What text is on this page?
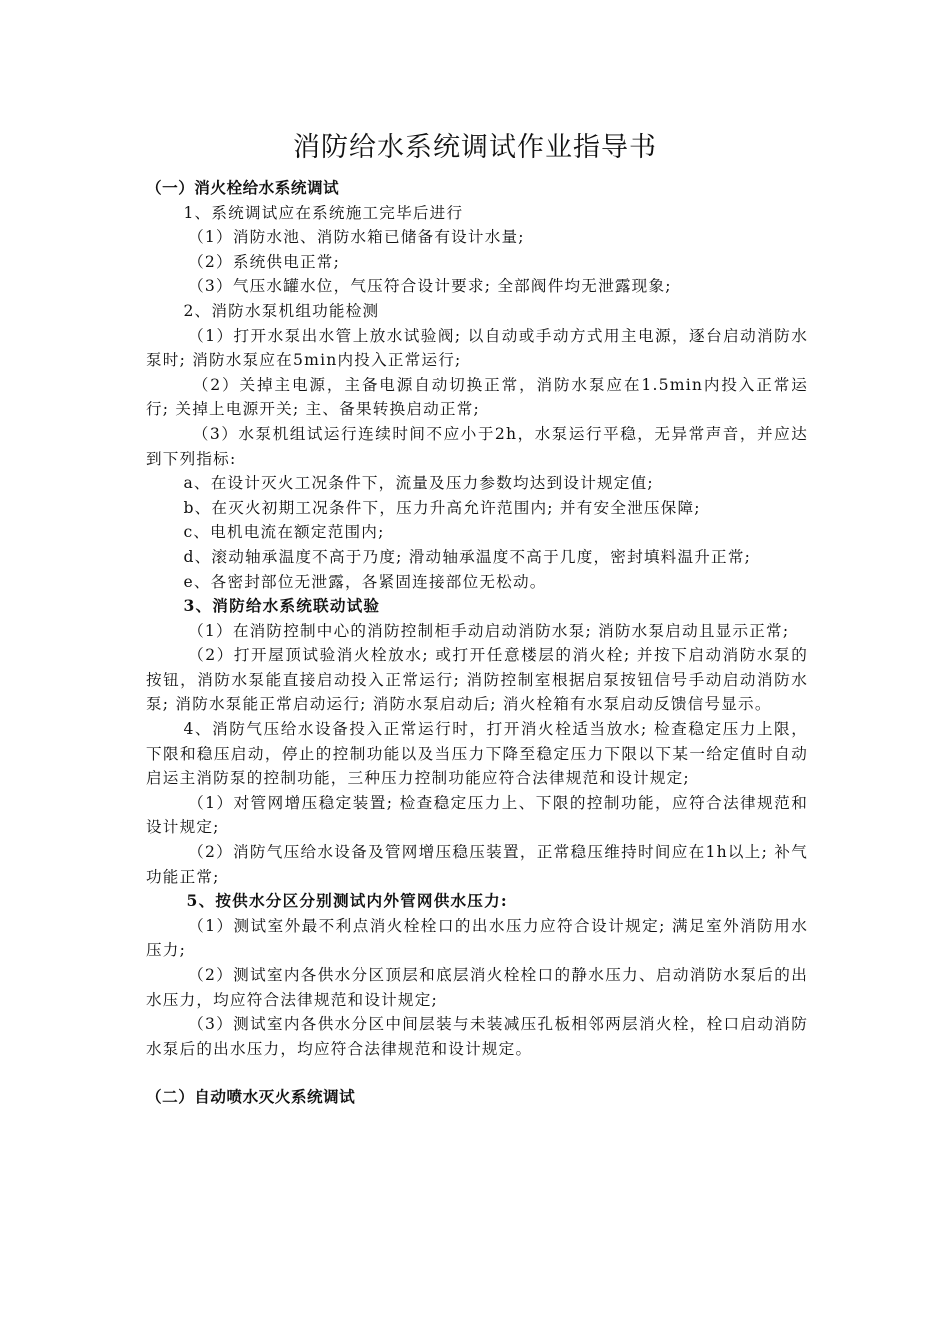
消防给水系统调试作业指导书

（一）消火栓给水系统调试

1、系统调试应在系统施工完毕后进行

（1）消防水池、消防水箱已储备有设计水量;

（2）系统供电正常;

（3）气压水罐水位，气压符合设计要求; 全部阀件均无泄露现象;

2、消防水泵机组功能检测

（1）打开水泵出水管上放水试验阀; 以自动或手动方式用主电源，逐台启动消防水泵时; 消防水泵应在5min内投入正常运行;

（2）关掉主电源，主备电源自动切换正常，消防水泵应在1.5min内投入正常运行; 关掉上电源开关; 主、备果转换启动正常;

（3）水泵机组试运行连续时间不应小于2h，水泵运行平稳，无异常声音，并应达到下列指标:

a、在设计灭火工况条件下，流量及压力参数均达到设计规定值;

b、在灭火初期工况条件下，压力升高允许范围内; 并有安全泄压保障;

c、电机电流在额定范围内;

d、滚动轴承温度不高于乃度; 滑动轴承温度不高于几度，密封填料温升正常;

e、各密封部位无泄露，各紧固连接部位无松动。

3、消防给水系统联动试验

（1）在消防控制中心的消防控制柜手动启动消防水泵; 消防水泵启动且显示正常;

（2）打开屋顶试验消火栓放水; 或打开任意楼层的消火栓; 并按下启动消防水泵的按钮，消防水泵能直接启动投入正常运行; 消防控制室根据启泵按钮信号手动启动消防水泵; 消防水泵能正常启动运行; 消防水泵启动后; 消火栓箱有水泵启动反馈信号显示。

4、消防气压给水设备投入正常运行时，打开消火栓适当放水; 检查稳定压力上限，下限和稳压启动，停止的控制功能以及当压力下降至稳定压力下限以下某一给定值时自动启运主消防泵的控制功能，三种压力控制功能应符合法律规范和设计规定;

（1）对管网增压稳定装置; 检查稳定压力上、下限的控制功能，应符合法律规范和设计规定;

（2）消防气压给水设备及管网增压稳压装置，正常稳压维持时间应在1h以上; 补气功能正常;

5、按供水分区分别测试内外管网供水压力:

（1）测试室外最不利点消火栓栓口的出水压力应符合设计规定; 满足室外消防用水压力;

（2）测试室内各供水分区顶层和底层消火栓栓口的静水压力、启动消防水泵后的出水压力，均应符合法律规范和设计规定;

（3）测试室内各供水分区中间层装与未装减压孔板相邻两层消火栓，栓口启动消防水泵后的出水压力，均应符合法律规范和设计规定。

（二）自动喷水灭火系统调试
